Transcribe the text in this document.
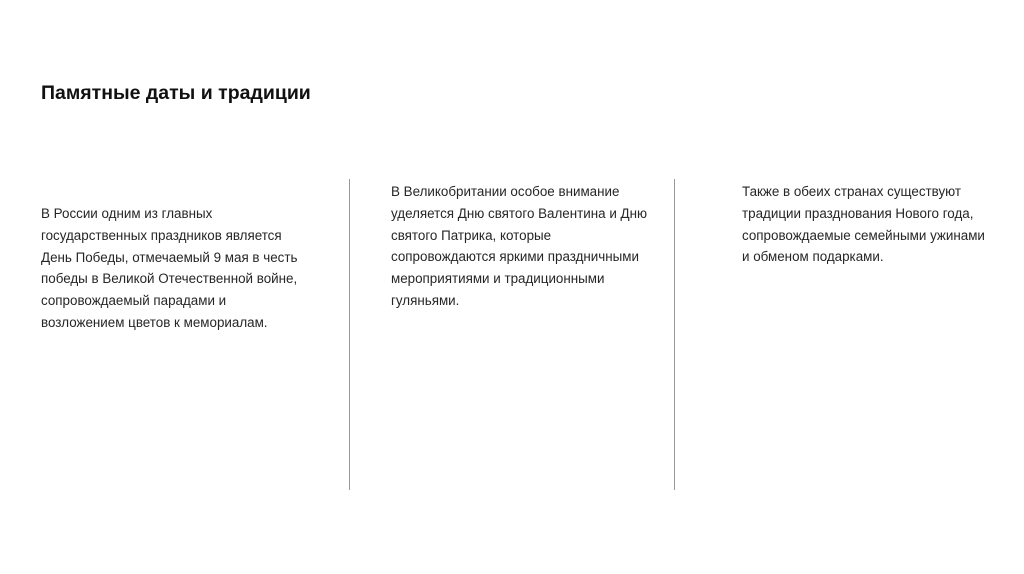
Памятные даты и традиции

В России одним из главных

государственных праздников является

День Победы, отмечаемый 9 мая в честь

победы в Великой Отечественной войне,

сопровождаемый парадами и

возложением цветов к мемориалам.

В Великобритании особое внимание

уделяется Дню святого Валентина и Дню

святого Патрика, которые

сопровождаются яркими праздничными

мероприятиями и традиционными

гуляньями.

Также в обеих странах существуют

традиции празднования Нового года,

сопровождаемые семейными ужинами

и обменом подарками.
